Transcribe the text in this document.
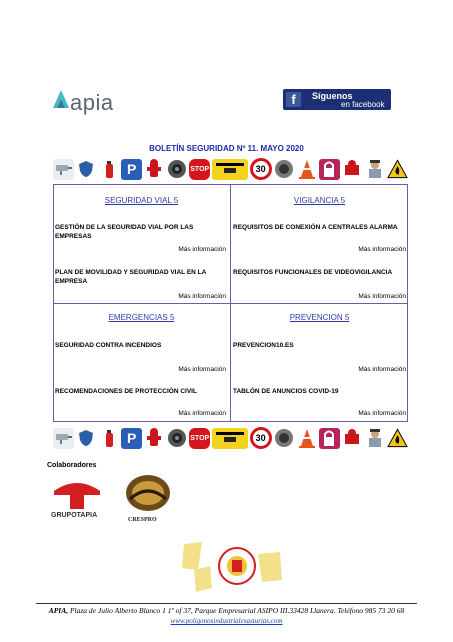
apia	f	Síguenos
en facebook
BOLETÍN SEGURIDAD Nº 11. MAYO 2020
P	STOP	30
SEGURIDAD VIAL 5
GESTIÓN DE LA SEGURIDAD VIAL POR LAS EMPRESAS
Más información
PLAN DE MOVILIDAD Y SEGURIDAD VIAL EN LA EMPRESA
Más información
VIGILANCIA 5
REQUISITOS DE CONEXIÓN A CENTRALES ALARMA
Más información
REQUISITOS FUNCIONALES DE VIDEOVIGILANCIA
Más información
EMERGENCIAS 5
SEGURIDAD CONTRA INCENDIOS
Más información
RECOMENDACIONES DE PROTECCIÓN CIVIL
Más información
PREVENCION 5
PREVENCION10.ES
Más información
TABLÓN DE ANUNCIOS COVID-19
Más información
P	STOP	30
Colaboradores
GRUPOTAPIA
CRESPRO
APIA, Plaza de Julio Alberto Blanco 1 1º of 37, Parque Empresarial ASIPO III.33428 Llanera. Teléfono 985 73 20 68
www.poligonosindustrialesasturias.com
